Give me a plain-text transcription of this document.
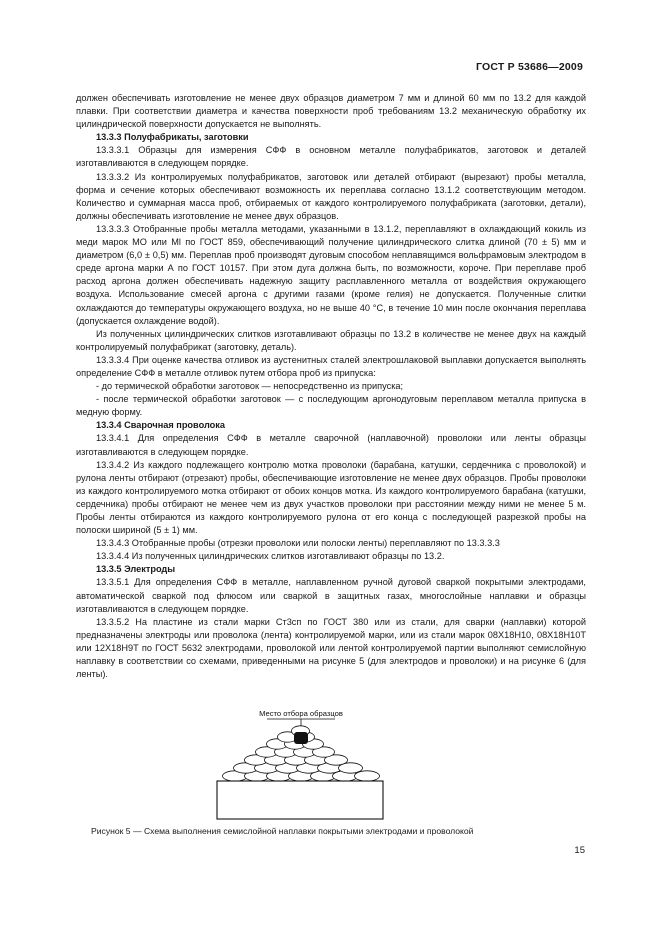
ГОСТ Р 53686—2009

должен обеспечивать изготовление не менее двух образцов диаметром 7 мм и длиной 60 мм по 13.2 для каждой плавки. При соответствии диаметра и качества поверхности проб требованиям 13.2 механическую обработку их цилиндрической поверхности допускается не выполнять.

13.3.3 Полуфабрикаты, заготовки

13.3.3.1 Образцы для измерения СФФ в основном металле полуфабрикатов, заготовок и деталей изготавливаются в следующем порядке.

13.3.3.2 Из контролируемых полуфабрикатов, заготовок или деталей отбирают (вырезают) пробы металла, форма и сечение которых обеспечивают возможность их переплава согласно 13.1.2 соответствующим методом. Количество и суммарная масса проб, отбираемых от каждого контролируемого полуфабриката (заготовки, детали), должны обеспечивать изготовление не менее двух образцов.

13.3.3.3 Отобранные пробы металла методами, указанными в 13.1.2, переплавляют в охлаждающий кокиль из меди марок МО или Ml по ГОСТ 859, обеспечивающий получение цилиндрического слитка длиной (70 ± 5) мм и диаметром (6,0 ± 0,5) мм. Переплав проб производят дуговым способом неплавящимся вольфрамовым электродом в среде аргона марки А по ГОСТ 10157. При этом дуга должна быть, по возможности, короче. При переплаве проб расход аргона должен обеспечивать надежную защиту расплавленного металла от воздействия окружающего воздуха. Использование смесей аргона с другими газами (кроме гелия) не допускается. Полученные слитки охлаждаются до температуры окружающего воздуха, но не выше 40 °С, в течение 10 мин после окончания переплава (допускается охлаждение водой).

Из полученных цилиндрических слитков изготавливают образцы по 13.2 в количестве не менее двух на каждый контролируемый полуфабрикат (заготовку, деталь).

13.3.3.4 При оценке качества отливок из аустенитных сталей электрошлаковой выплавки допускается выполнять определение СФФ в металле отливок путем отбора проб из припуска:

- до термической обработки заготовок — непосредственно из припуска;

- после термической обработки заготовок — с последующим аргонодуговым переплавом металла припуска в медную форму.

13.3.4 Сварочная проволока

13.3.4.1 Для определения СФФ в металле сварочной (наплавочной) проволоки или ленты образцы изготавливаются в следующем порядке.

13.3.4.2 Из каждого подлежащего контролю мотка проволоки (барабана, катушки, сердечника с проволокой) и рулона ленты отбирают (отрезают) пробы, обеспечивающие изготовление не менее двух образцов. Пробы проволоки из каждого контролируемого мотка отбирают от обоих концов мотка. Из каждого контролируемого барабана (катушки, сердечника) пробы отбирают не менее чем из двух участков проволоки при расстоянии между ними не менее 5 м. Пробы ленты отбираются из каждого контролируемого рулона от его конца с последующей разрезкой пробы на полоски шириной (5 ± 1) мм.

13.3.4.3 Отобранные пробы (отрезки проволоки или полоски ленты) переплавляют по 13.3.3.3

13.3.4.4 Из полученных цилиндрических слитков изготавливают образцы по 13.2.

13.3.5 Электроды

13.3.5.1 Для определения СФФ в металле, наплавленном ручной дуговой сваркой покрытыми электродами, автоматической сваркой под флюсом или сваркой в защитных газах, многослойные наплавки и образцы изготавливаются в следующем порядке.

13.3.5.2 На пластине из стали марки Ст3сп по ГОСТ 380 или из стали, для сварки (наплавки) которой предназначены электроды или проволока (лента) контролируемой марки, или из стали марок 08Х18Н10, 08Х18Н10Т или 12Х18Н9Т по ГОСТ 5632 электродами, проволокой или лентой контролируемой партии выполняют семислойную наплавку в соответствии со схемами, приведенными на рисунке 5 (для электродов и проволоки) и на рисунке 6 (для ленты).

Место отбора образцов
Рисунок 5 — Схема выполнения семислойной наплавки покрытыми электродами и проволокой
15
